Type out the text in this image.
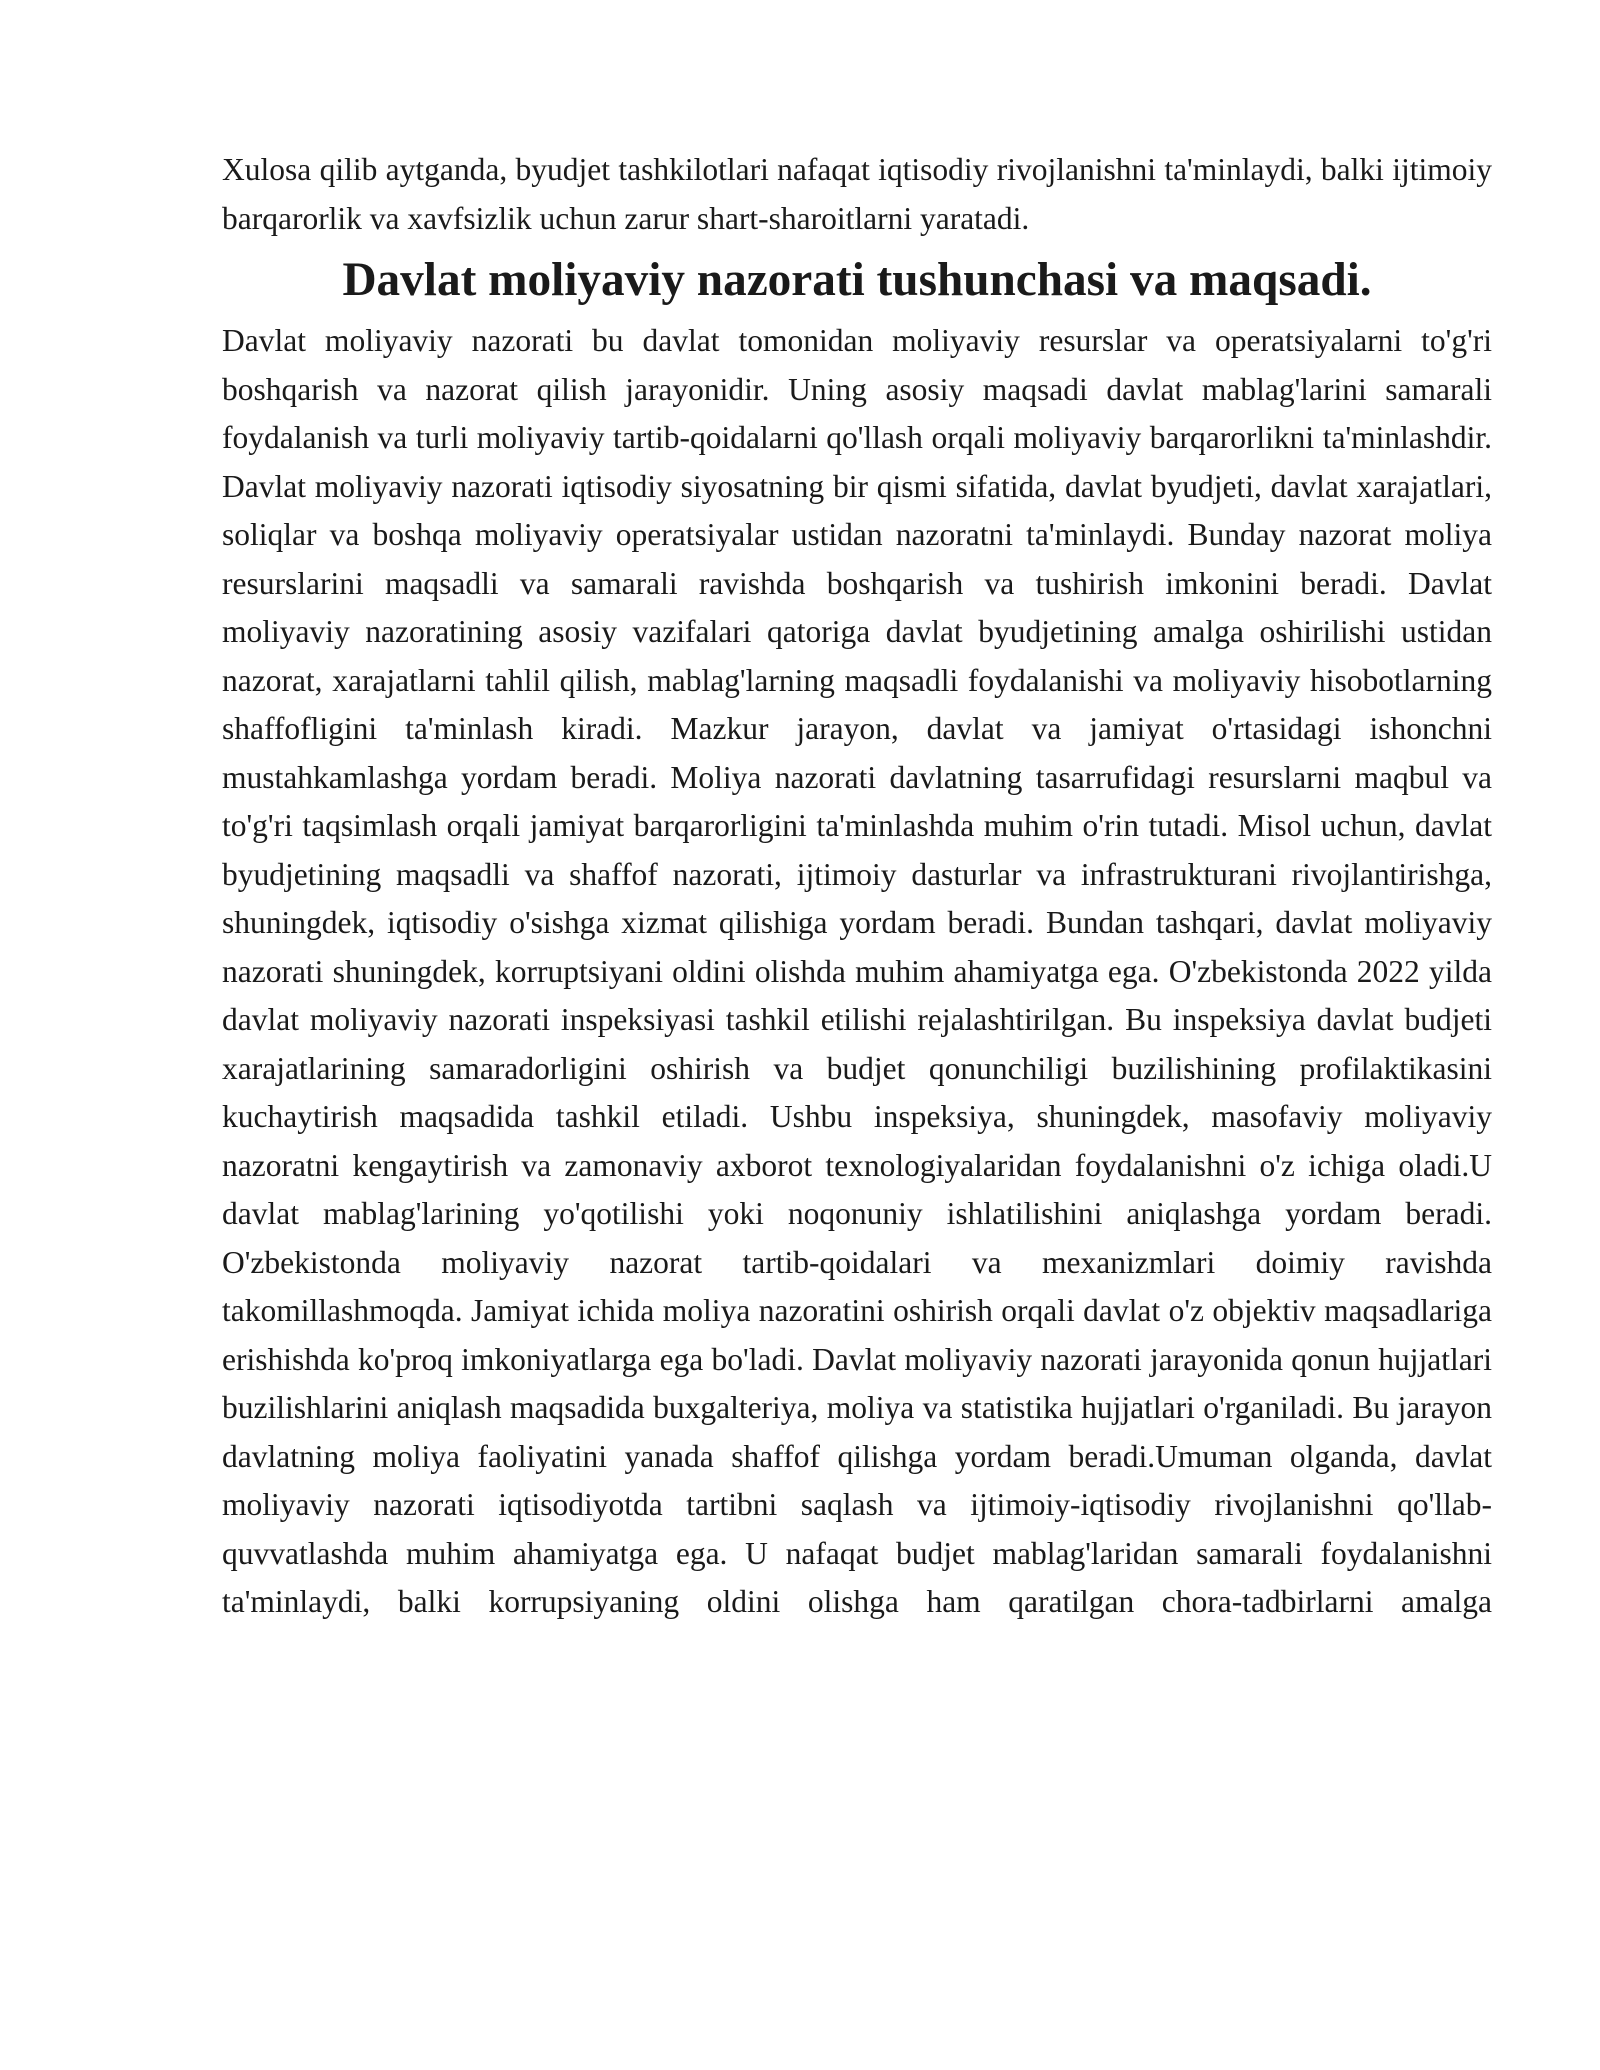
Xulosa qilib aytganda, byudjet tashkilotlari nafaqat iqtisodiy rivojlanishni ta'minlaydi, balki ijtimoiy barqarorlik va xavfsizlik uchun zarur shart-sharoitlarni yaratadi.

Davlat moliyaviy nazorati tushunchasi va maqsadi.

Davlat moliyaviy nazorati bu davlat tomonidan moliyaviy resurslar va operatsiyalarni to'g'ri boshqarish va nazorat qilish jarayonidir. Uning asosiy maqsadi davlat mablag'larini samarali foydalanish va turli moliyaviy tartib-qoidalarni qo'llash orqali moliyaviy barqarorlikni ta'minlashdir. Davlat moliyaviy nazorati iqtisodiy siyosatning bir qismi sifatida, davlat byudjeti, davlat xarajatlari, soliqlar va boshqa moliyaviy operatsiyalar ustidan nazoratni ta'minlaydi. Bunday nazorat moliya resurslarini maqsadli va samarali ravishda boshqarish va tushirish imkonini beradi. Davlat moliyaviy nazoratining asosiy vazifalari qatoriga davlat byudjetining amalga oshirilishi ustidan nazorat, xarajatlarni tahlil qilish, mablag'larning maqsadli foydalanishi va moliyaviy hisobotlarning shaffofligini ta'minlash kiradi. Mazkur jarayon, davlat va jamiyat o'rtasidagi ishonchni mustahkamlashga yordam beradi. Moliya nazorati davlatning tasarrufidagi resurslarni maqbul va to'g'ri taqsimlash orqali jamiyat barqarorligini ta'minlashda muhim o'rin tutadi. Misol uchun, davlat byudjetining maqsadli va shaffof nazorati, ijtimoiy dasturlar va infrastrukturani rivojlantirishga, shuningdek, iqtisodiy o'sishga xizmat qilishiga yordam beradi. Bundan tashqari, davlat moliyaviy nazorati shuningdek, korruptsiyani oldini olishda muhim ahamiyatga ega. O'zbekistonda 2022 yilda davlat moliyaviy nazorati inspeksiyasi tashkil etilishi rejalashtirilgan. Bu inspeksiya davlat budjeti xarajatlarining samaradorligini oshirish va budjet qonunchiligi buzilishining profilaktikasini kuchaytirish maqsadida tashkil etiladi. Ushbu inspeksiya, shuningdek, masofaviy moliyaviy nazoratni kengaytirish va zamonaviy axborot texnologiyalaridan foydalanishni o'z ichiga oladi.U davlat mablag'larining yo'qotilishi yoki noqonuniy ishlatilishini aniqlashga yordam beradi. O'zbekistonda moliyaviy nazorat tartib-qoidalari va mexanizmlari doimiy ravishda takomillashmoqda. Jamiyat ichida moliya nazoratini oshirish orqali davlat o'z objektiv maqsadlariga erishishda ko'proq imkoniyatlarga ega bo'ladi. Davlat moliyaviy nazorati jarayonida qonun hujjatlari buzilishlarini aniqlash maqsadida buxgalteriya, moliya va statistika hujjatlari o'rganiladi. Bu jarayon davlatning moliya faoliyatini yanada shaffof qilishga yordam beradi.Umuman olganda, davlat moliyaviy nazorati iqtisodiyotda tartibni saqlash va ijtimoiy-iqtisodiy rivojlanishni qo'llab-quvvatlashda muhim ahamiyatga ega. U nafaqat budjet mablag'laridan samarali foydalanishni ta'minlaydi, balki korrupsiyaning oldini olishga ham qaratilgan chora-tadbirlarni amalga
